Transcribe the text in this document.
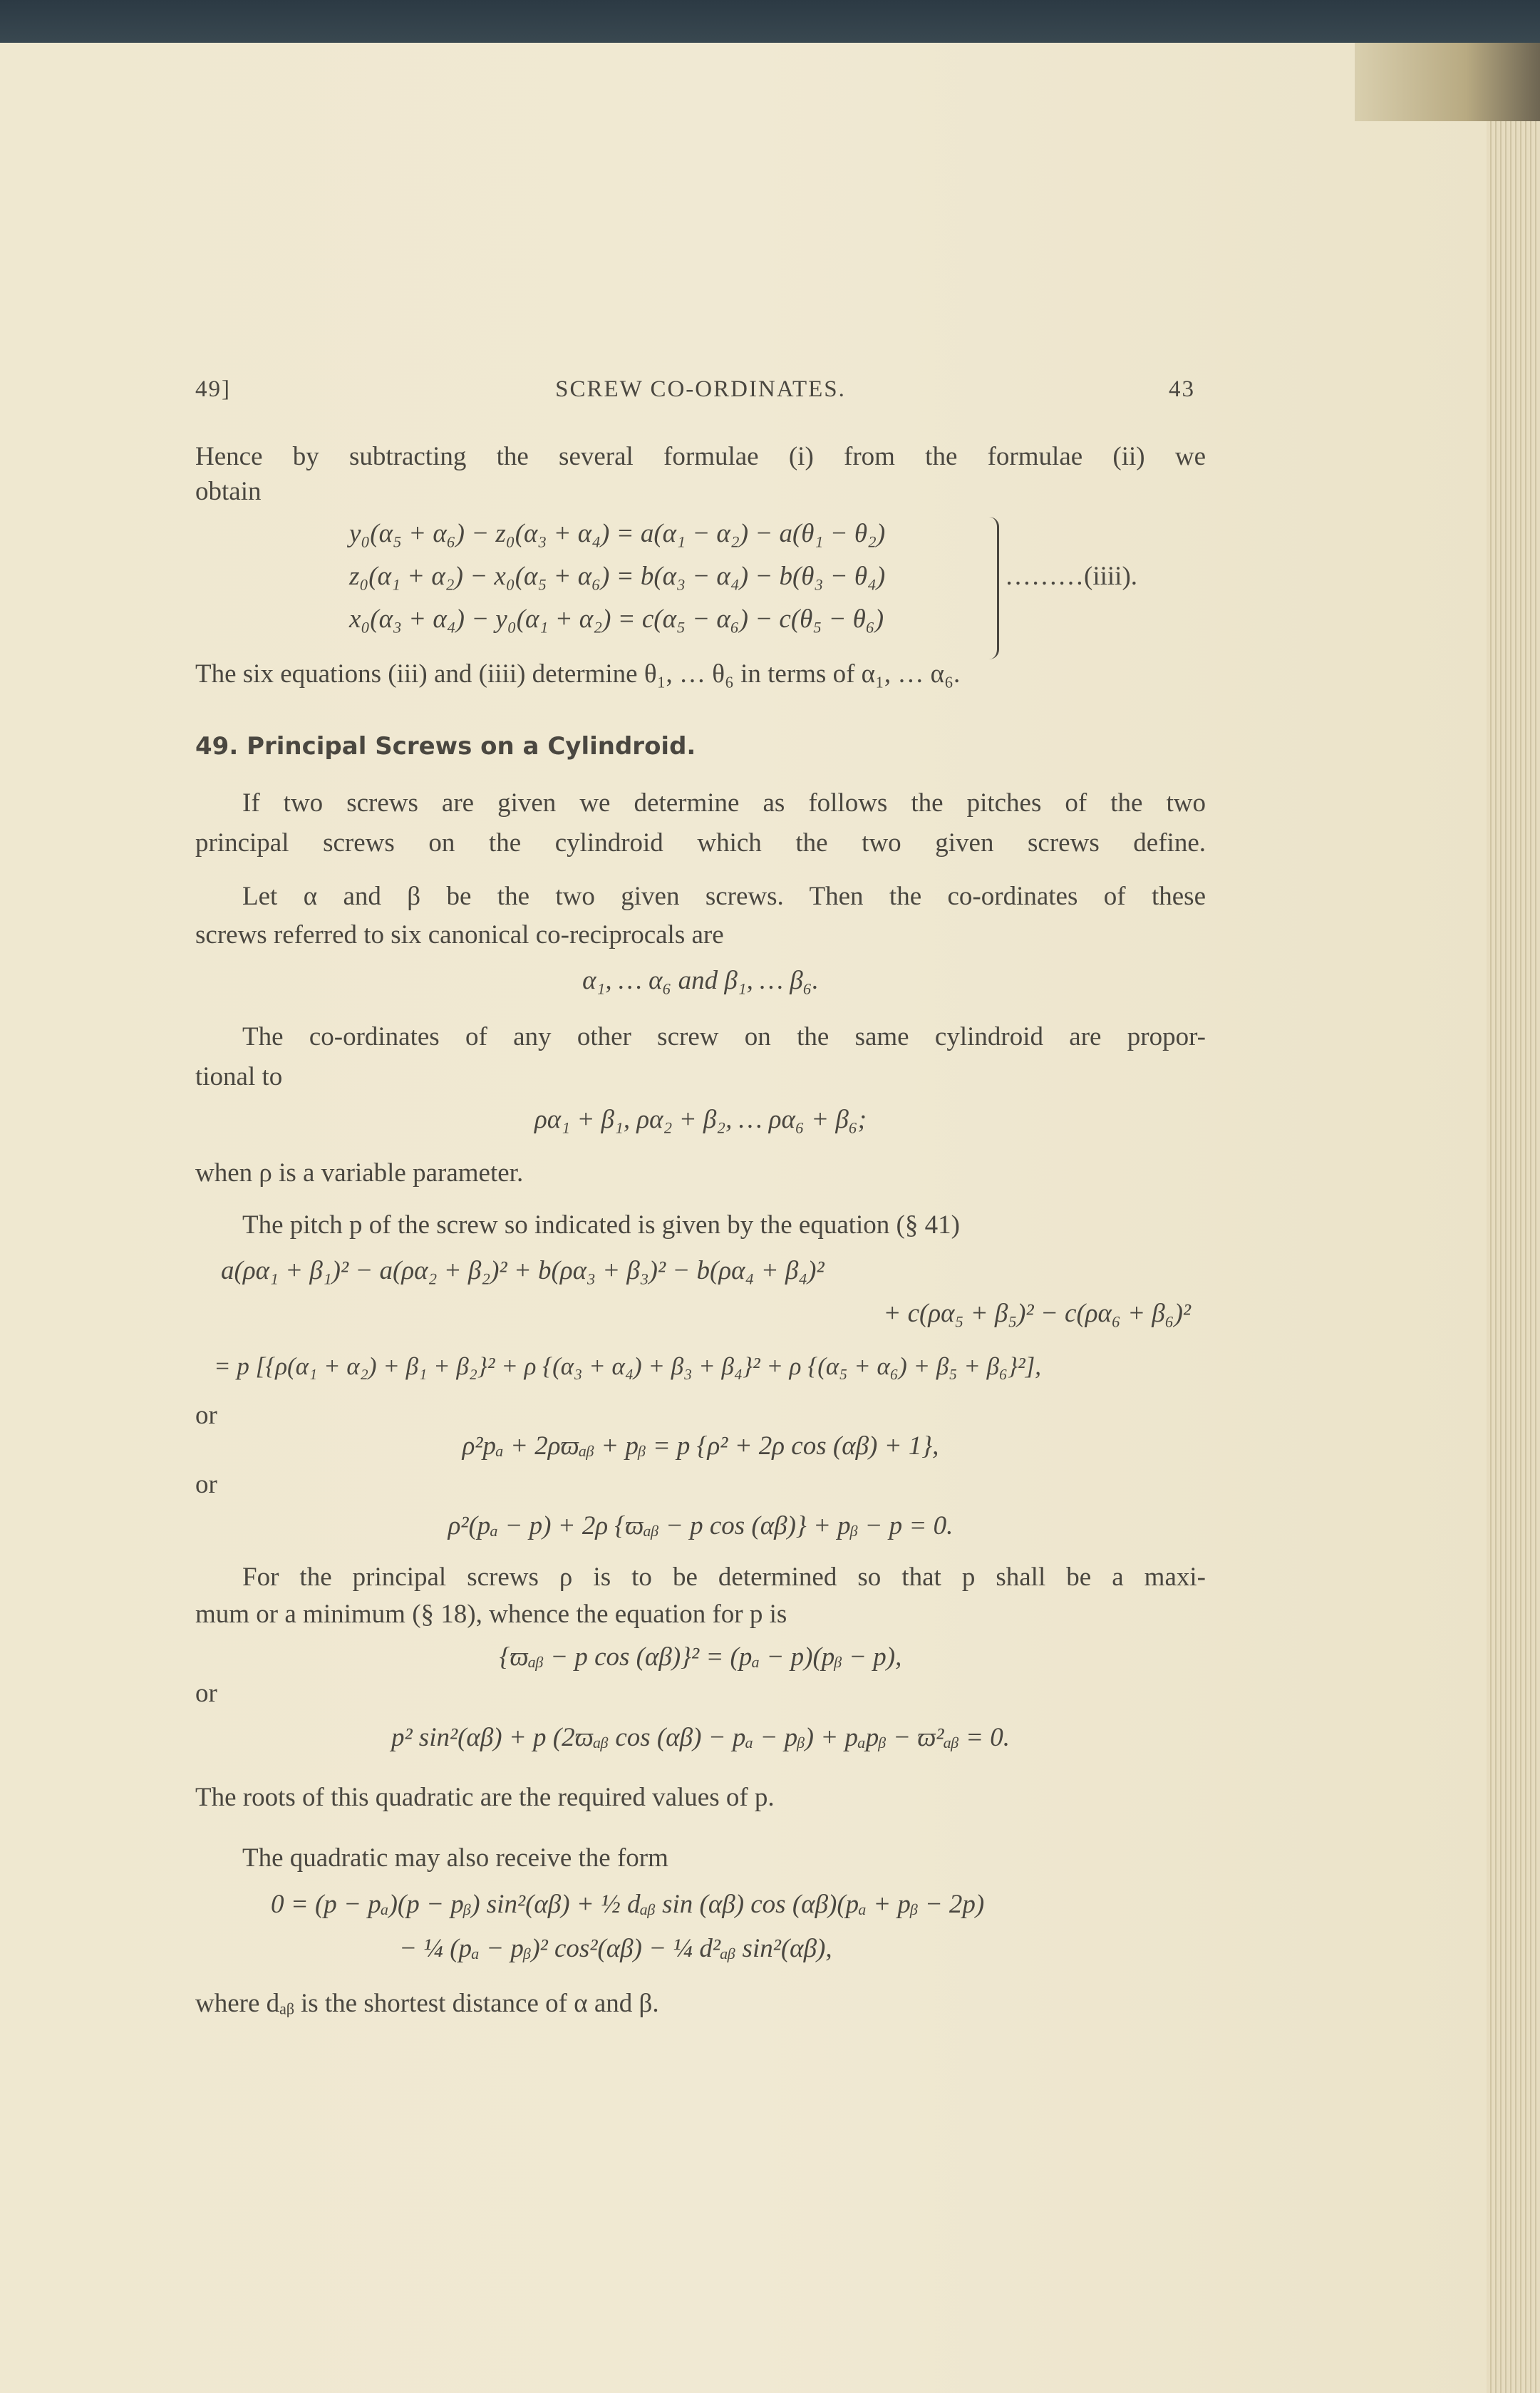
49]	SCREW CO-ORDINATES.	43
Hence by subtracting the several formulae (i) from the formulae (ii) we
obtain
y₀(α₅ + α₆) − z₀(α₃ + α₄) = a(α₁ − α₂) − a(θ₁ − θ₂)
z₀(α₁ + α₂) − x₀(α₅ + α₆) = b(α₃ − α₄) − b(θ₃ − θ₄)
x₀(α₃ + α₄) − y₀(α₁ + α₂) = c(α₅ − α₆) − c(θ₅ − θ₆)
………(iiii).
The six equations (iii) and (iiii) determine θ₁, … θ₆ in terms of α₁, … α₆.
49. Principal Screws on a Cylindroid.
If two screws are given we determine as follows the pitches of the two
principal screws on the cylindroid which the two given screws define.
Let α and β be the two given screws. Then the co-ordinates of these
screws referred to six canonical co-reciprocals are
α₁, … α₆ and β₁, … β₆.
The co-ordinates of any other screw on the same cylindroid are propor-
tional to
ρα₁ + β₁, ρα₂ + β₂, … ρα₆ + β₆;
when ρ is a variable parameter.
The pitch p of the screw so indicated is given by the equation (§ 41)
a(ρα₁ + β₁)² − a(ρα₂ + β₂)² + b(ρα₃ + β₃)² − b(ρα₄ + β₄)²
+ c(ρα₅ + β₅)² − c(ρα₆ + β₆)²
= p [{ρ(α₁ + α₂) + β₁ + β₂}² + ρ {(α₃ + α₄) + β₃ + β₄}² + ρ {(α₅ + α₆) + β₅ + β₆}²],
or
ρ²pₐ + 2ρϖₐᵦ + pᵦ = p {ρ² + 2ρ cos (αβ) + 1},
or
ρ²(pₐ − p) + 2ρ {ϖₐᵦ − p cos (αβ)} + pᵦ − p = 0.
For the principal screws ρ is to be determined so that p shall be a maxi-
mum or a minimum (§ 18), whence the equation for p is
{ϖₐᵦ − p cos (αβ)}² = (pₐ − p)(pᵦ − p),
or
p² sin²(αβ) + p (2ϖₐᵦ cos (αβ) − pₐ − pᵦ) + pₐpᵦ − ϖ²ₐᵦ = 0.
The roots of this quadratic are the required values of p.
The quadratic may also receive the form
0 = (p − pₐ)(p − pᵦ) sin²(αβ) + ½ dₐᵦ sin (αβ) cos (αβ)(pₐ + pᵦ − 2p)
− ¼ (pₐ − pᵦ)² cos²(αβ) − ¼ d²ₐᵦ sin²(αβ),
where dₐᵦ is the shortest distance of α and β.
